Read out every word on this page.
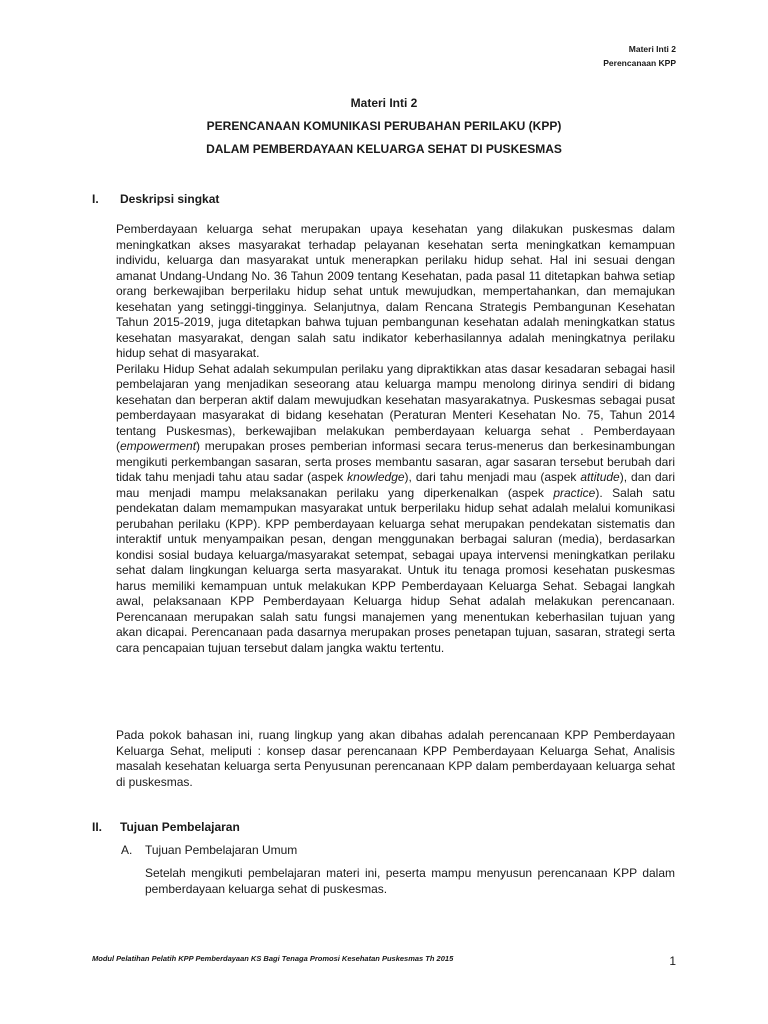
Materi Inti 2
Perencanaan KPP
Materi Inti 2
PERENCANAAN KOMUNIKASI PERUBAHAN PERILAKU (KPP)
DALAM PEMBERDAYAAN KELUARGA SEHAT DI PUSKESMAS
I. Deskripsi singkat

Pemberdayaan keluarga sehat merupakan upaya kesehatan yang dilakukan puskesmas dalam meningkatkan akses masyarakat terhadap pelayanan kesehatan serta meningkatkan kemampuan individu, keluarga dan masyarakat untuk menerapkan perilaku hidup sehat. Hal ini sesuai dengan amanat Undang-Undang No. 36 Tahun 2009 tentang Kesehatan, pada pasal 11 ditetapkan bahwa setiap orang berkewajiban berperilaku hidup sehat untuk mewujudkan, mempertahankan, dan memajukan kesehatan yang setinggi-tingginya. Selanjutnya, dalam Rencana Strategis Pembangunan Kesehatan Tahun 2015-2019, juga ditetapkan bahwa tujuan pembangunan kesehatan adalah meningkatkan status kesehatan masyarakat, dengan salah satu indikator keberhasilannya adalah meningkatnya perilaku hidup sehat di masyarakat.

Perilaku Hidup Sehat adalah sekumpulan perilaku yang dipraktikkan atas dasar kesadaran sebagai hasil pembelajaran yang menjadikan seseorang atau keluarga mampu menolong dirinya sendiri di bidang kesehatan dan berperan aktif dalam mewujudkan kesehatan masyarakatnya. Puskesmas sebagai pusat pemberdayaan masyarakat di bidang kesehatan (Peraturan Menteri Kesehatan No. 75, Tahun 2014 tentang Puskesmas), berkewajiban melakukan pemberdayaan keluarga sehat . Pemberdayaan (empowerment) merupakan proses pemberian informasi secara terus-menerus dan berkesinambungan mengikuti perkembangan sasaran, serta proses membantu sasaran, agar sasaran tersebut berubah dari tidak tahu menjadi tahu atau sadar (aspek knowledge), dari tahu menjadi mau (aspek attitude), dan dari mau menjadi mampu melaksanakan perilaku yang diperkenalkan (aspek practice). Salah satu pendekatan dalam memampukan masyarakat untuk berperilaku hidup sehat adalah melalui komunikasi perubahan perilaku (KPP). KPP pemberdayaan keluarga sehat merupakan pendekatan sistematis dan interaktif untuk menyampaikan pesan, dengan menggunakan berbagai saluran (media), berdasarkan kondisi sosial budaya keluarga/masyarakat setempat, sebagai upaya intervensi meningkatkan perilaku sehat dalam lingkungan keluarga serta masyarakat. Untuk itu tenaga promosi kesehatan puskesmas harus memiliki kemampuan untuk melakukan KPP Pemberdayaan Keluarga Sehat. Sebagai langkah awal, pelaksanaan KPP Pemberdayaan Keluarga hidup Sehat adalah melakukan perencanaan. Perencanaan merupakan salah satu fungsi manajemen yang menentukan keberhasilan tujuan yang akan dicapai. Perencanaan pada dasarnya merupakan proses penetapan tujuan, sasaran, strategi serta cara pencapaian tujuan tersebut dalam jangka waktu tertentu.

Pada pokok bahasan ini, ruang lingkup yang akan dibahas adalah perencanaan KPP Pemberdayaan Keluarga Sehat, meliputi : konsep dasar perencanaan KPP Pemberdayaan Keluarga Sehat, Analisis masalah kesehatan keluarga serta Penyusunan perencanaan KPP dalam pemberdayaan keluarga sehat di puskesmas.

II. Tujuan Pembelajaran
A. Tujuan Pembelajaran Umum

Setelah mengikuti pembelajaran materi ini, peserta mampu menyusun perencanaan KPP dalam pemberdayaan keluarga sehat di puskesmas.

Modul Pelatihan Pelatih KPP Pemberdayaan KS Bagi Tenaga Promosi Kesehatan Puskesmas Th 2015	1
